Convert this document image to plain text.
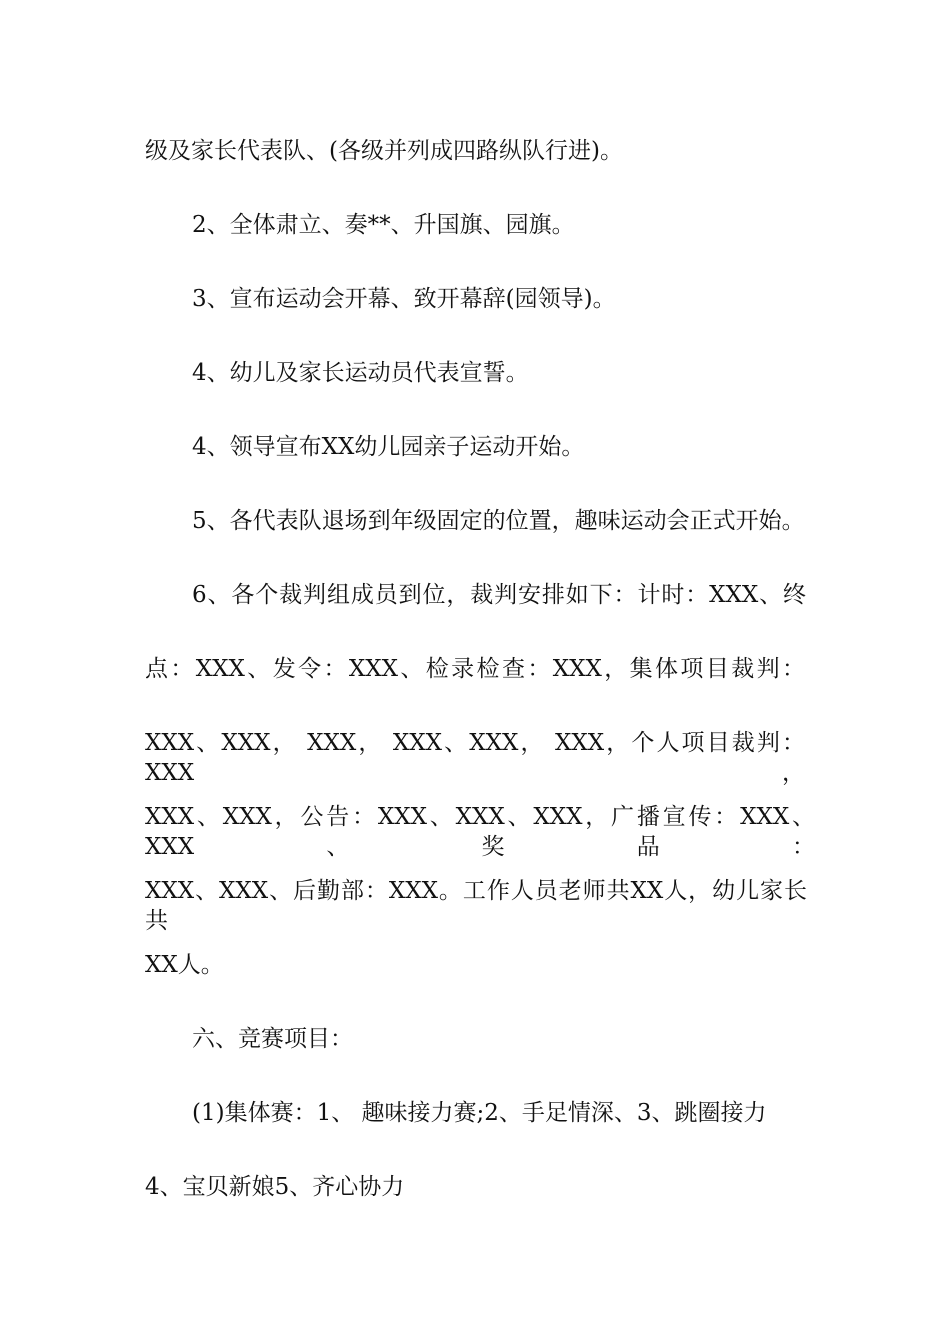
级及家长代表队、(各级并列成四路纵队行进)。
2、全体肃立、奏**、升国旗、园旗。
3、宣布运动会开幕、致开幕辞(园领导)。
4、幼儿及家长运动员代表宣誓。
4、领导宣布XX幼儿园亲子运动开始。
5、各代表队退场到年级固定的位置，趣味运动会正式开始。
6、各个裁判组成员到位，裁判安排如下：计时：XXX、终
点：XXX、发令：XXX、检录检查：XXX，集体项目裁判：
XXX、XXX， XXX， XXX、XXX， XXX，个人项目裁判：XXX，
XXX、XXX，公告：XXX、XXX、XXX，广播宣传：XXX、XXX、奖品：
XXX、XXX、后勤部：XXX。工作人员老师共XX人，幼儿家长共
XX人。
六、竞赛项目：
(1)集体赛：1、 趣味接力赛;2、手足情深、3、跳圈接力
4、宝贝新娘5、齐心协力
